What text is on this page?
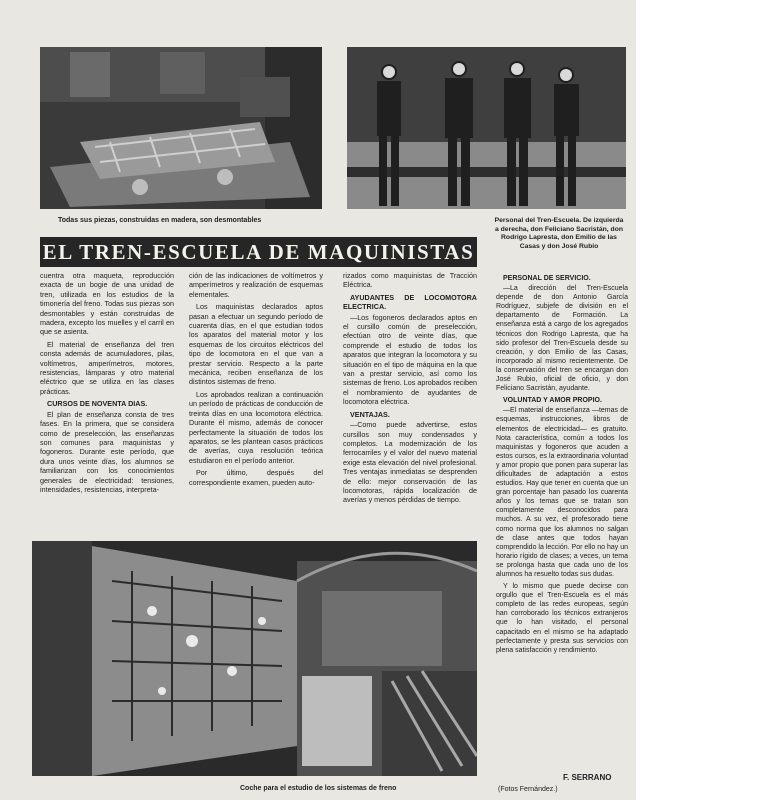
Todas sus piezas, construidas en madera, son desmontables	Personal del Tren-Escuela. De izquierda a derecha, don Feliciano Sacristán, don Rodrigo Lapresta, don Emilio de las Casas y don José Rubio
EL TREN-ESCUELA DE MAQUINISTAS

cuentra otra maqueta, reproducción exacta de un bogie de una unidad de tren, utilizada en los estudios de la timonería del freno. Todas sus piezas son desmontables y están construidas de madera, excepto los muelles y el carril en que se asienta.

El material de enseñanza del tren consta además de acumuladores, pilas, voltímetros, amperímetros, motores, resistencias, lámparas y otro material eléctrico que se utiliza en las clases prácticas.

CURSOS DE NOVENTA DIAS.

El plan de enseñanza consta de tres fases. En la primera, que se considera como de preselección, las enseñanzas son comunes para maquinistas y fogoneros. Durante este período, que dura unos veinte días, los alumnos se familiarizan con los conocimientos generales de electricidad: tensiones, intensidades, resistencias, interpreta-

ción de las indicaciones de voltímetros y amperímetros y realización de esquemas elementales.

Los maquinistas declarados aptos pasan a efectuar un segundo período de cuarenta días, en el que estudian todos los aparatos del material motor y los esquemas de los circuitos eléctricos del tipo de locomotora en el que van a prestar servicio. Respecto a la parte mecánica, reciben enseñanza de los distintos sistemas de freno.

Los aprobados realizan a continuación un período de prácticas de conducción de treinta días en una locomotora eléctrica. Durante él mismo, además de conocer perfectamente la situación de todos los aparatos, se les plantean casos prácticos de averías, cuya resolución teórica estudiaron en el período anterior.

Por último, después del correspondiente examen, pueden auto-

rizados como maquinistas de Tracción Eléctrica.

AYUDANTES DE LOCOMOTORA ELECTRICA.

—Los fogoneros declarados aptos en el cursillo común de preselección, efectúan otro de veinte días, que comprende el estudio de todos los aparatos que integran la locomotora y su situación en el tipo de máquina en la que van a prestar servicio, así como los sistemas de freno. Los aprobados reciben el nombramiento de ayudantes de locomotora eléctrica.

VENTAJAS.

—Como puede advertirse, estos cursillos son muy condensados y completos. La modernización de los ferrocarriles y el valor del nuevo material exige esta elevación del nivel profesional. Tres ventajas inmediatas se desprenden de ello: mejor conservación de las locomotoras, rápida localización de averías y menos pérdidas de tiempo.

PERSONAL DE SERVICIO.

—La dirección del Tren-Escuela depende de don Antonio García Rodríguez, subjefe de división en el departamento de Formación. La enseñanza está a cargo de los agregados técnicos don Rodrigo Lapresta, que ha sido profesor del Tren-Escuela desde su creación, y don Emilio de las Casas, incorporado al mismo recientemente. De la conservación del tren se encargan don José Rubio, oficial de oficio, y don Feliciano Sacristán, ayudante.

VOLUNTAD Y AMOR PROPIO.

—El material de enseñanza —temas de esquemas, instrucciones, libros de elementos de electricidad— es gratuito. Nota característica, común a todos los maquinistas y fogoneros que acuden a estos cursos, es la extraordinaria voluntad y amor propio que ponen para superar las dificultades de adaptación a estos estudios. Hay que tener en cuenta que un gran porcentaje han pasado los cuarenta años y los temas que se tratan son completamente desconocidos para muchos. A su vez, el profesorado tiene como norma que los alumnos no salgan de clase antes que todos hayan comprendido la lección. Por ello no hay un horario rígido de clases; a veces, un tema se prolonga hasta que cada uno de los alumnos ha resuelto todas sus dudas.

Y lo mismo que puede decirse con orgullo que el Tren-Escuela es el más completo de las redes europeas, según han corroborado los técnicos extranjeros que lo han visitado, el personal capacitado en el mismo se ha adaptado perfectamente y presta sus servicios con plena satisfacción y rendimiento.

Coche para el estudio de los sistemas de freno
F. SERRANO
(Fotos Fernández.)
